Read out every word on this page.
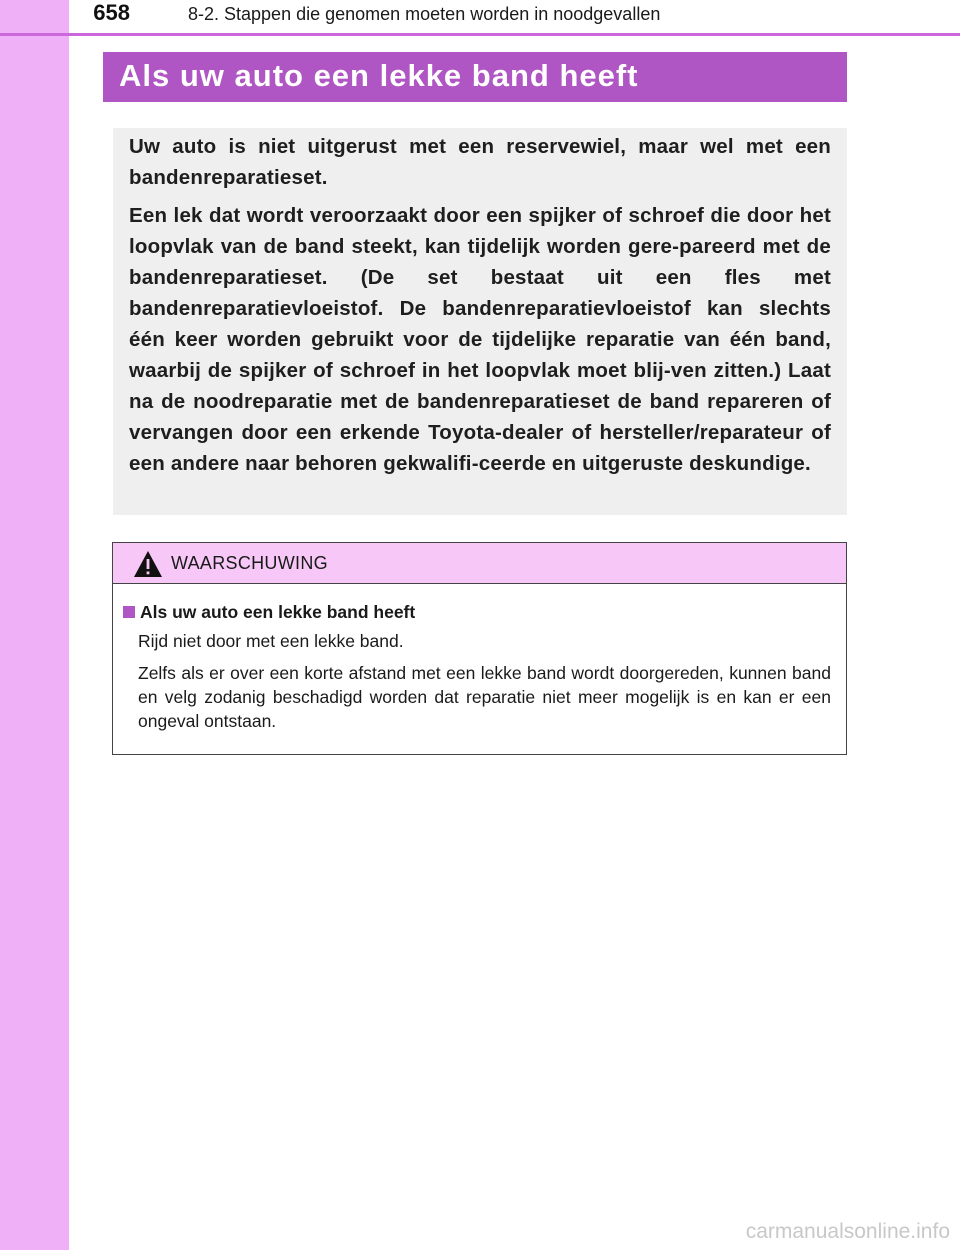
658	8-2. Stappen die genomen moeten worden in noodgevallen
Als uw auto een lekke band heeft

Uw auto is niet uitgerust met een reservewiel, maar wel met een bandenreparatieset.

Een lek dat wordt veroorzaakt door een spijker of schroef die door het loopvlak van de band steekt, kan tijdelijk worden gere-pareerd met de bandenreparatieset. (De set bestaat uit een fles met bandenreparatievloeistof. De bandenreparatievloeistof kan slechts één keer worden gebruikt voor de tijdelijke reparatie van één band, waarbij de spijker of schroef in het loopvlak moet blij-ven zitten.) Laat na de noodreparatie met de bandenreparatieset de band repareren of vervangen door een erkende Toyota-dealer of hersteller/reparateur of een andere naar behoren gekwalifi-ceerde en uitgeruste deskundige.

WAARSCHUWING
Als uw auto een lekke band heeft

Rijd niet door met een lekke band.

Zelfs als er over een korte afstand met een lekke band wordt doorgereden, kunnen band en velg zodanig beschadigd worden dat reparatie niet meer mogelijk is en kan er een ongeval ontstaan.

carmanualsonline.info
